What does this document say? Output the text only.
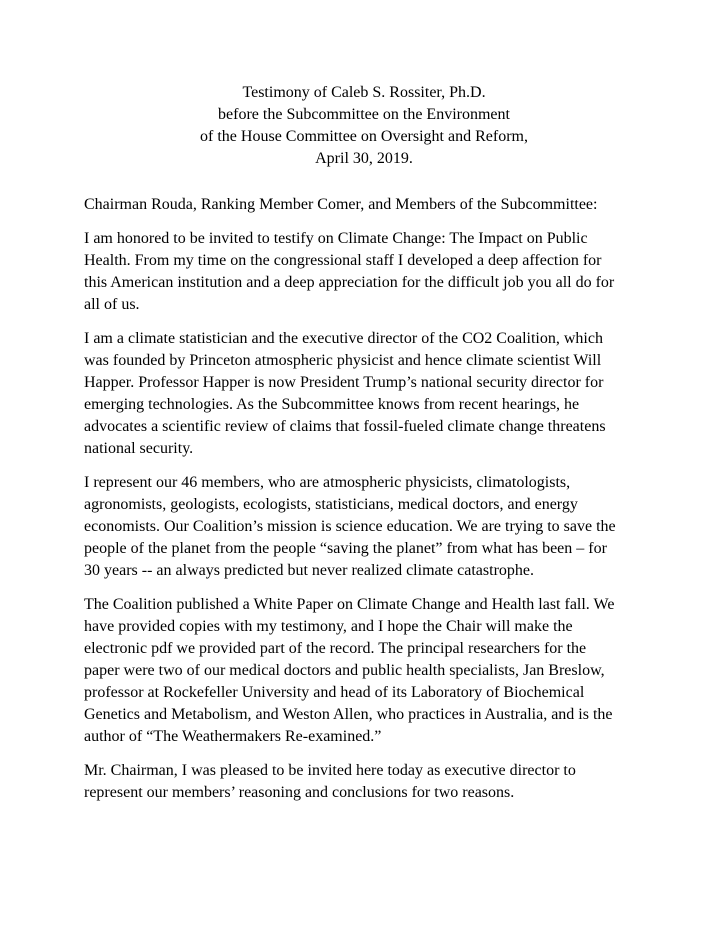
Testimony of Caleb S. Rossiter, Ph.D.
before the Subcommittee on the Environment
of the House Committee on Oversight and Reform,
April 30, 2019.

Chairman Rouda, Ranking Member Comer, and Members of the Subcommittee:

I am honored to be invited to testify on Climate Change: The Impact on Public
Health. From my time on the congressional staff I developed a deep affection for
this American institution and a deep appreciation for the difficult job you all do for
all of us.

I am a climate statistician and the executive director of the CO2 Coalition, which
was founded by Princeton atmospheric physicist and hence climate scientist Will
Happer. Professor Happer is now President Trump’s national security director for
emerging technologies. As the Subcommittee knows from recent hearings, he
advocates a scientific review of claims that fossil-fueled climate change threatens
national security.

I represent our 46 members, who are atmospheric physicists, climatologists,
agronomists, geologists, ecologists, statisticians, medical doctors, and energy
economists. Our Coalition’s mission is science education. We are trying to save the
people of the planet from the people “saving the planet” from what has been – for
30 years -- an always predicted but never realized climate catastrophe.

The Coalition published a White Paper on Climate Change and Health last fall. We
have provided copies with my testimony, and I hope the Chair will make the
electronic pdf we provided part of the record. The principal researchers for the
paper were two of our medical doctors and public health specialists, Jan Breslow,
professor at Rockefeller University and head of its Laboratory of Biochemical
Genetics and Metabolism, and Weston Allen, who practices in Australia, and is the
author of “The Weathermakers Re-examined.”

Mr. Chairman, I was pleased to be invited here today as executive director to
represent our members’ reasoning and conclusions for two reasons.
